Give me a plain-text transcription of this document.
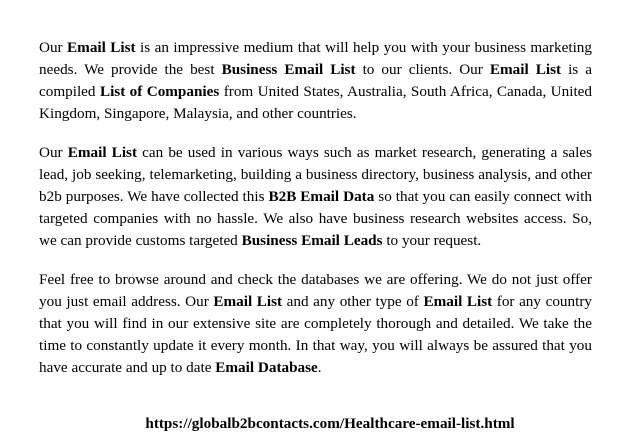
Our Email List is an impressive medium that will help you with your business marketing needs. We provide the best Business Email List to our clients. Our Email List is a compiled List of Companies from United States, Australia, South Africa, Canada, United Kingdom, Singapore, Malaysia, and other countries.

Our Email List can be used in various ways such as market research, generating a sales lead, job seeking, telemarketing, building a business directory, business analysis, and other b2b purposes. We have collected this B2B Email Data so that you can easily connect with targeted companies with no hassle. We also have business research websites access. So, we can provide customs targeted Business Email Leads to your request.

Feel free to browse around and check the databases we are offering. We do not just offer you just email address. Our Email List and any other type of Email List for any country that you will find in our extensive site are completely thorough and detailed. We take the time to constantly update it every month. In that way, you will always be assured that you have accurate and up to date Email Database.

https://globalb2bcontacts.com/Healthcare-email-list.html
